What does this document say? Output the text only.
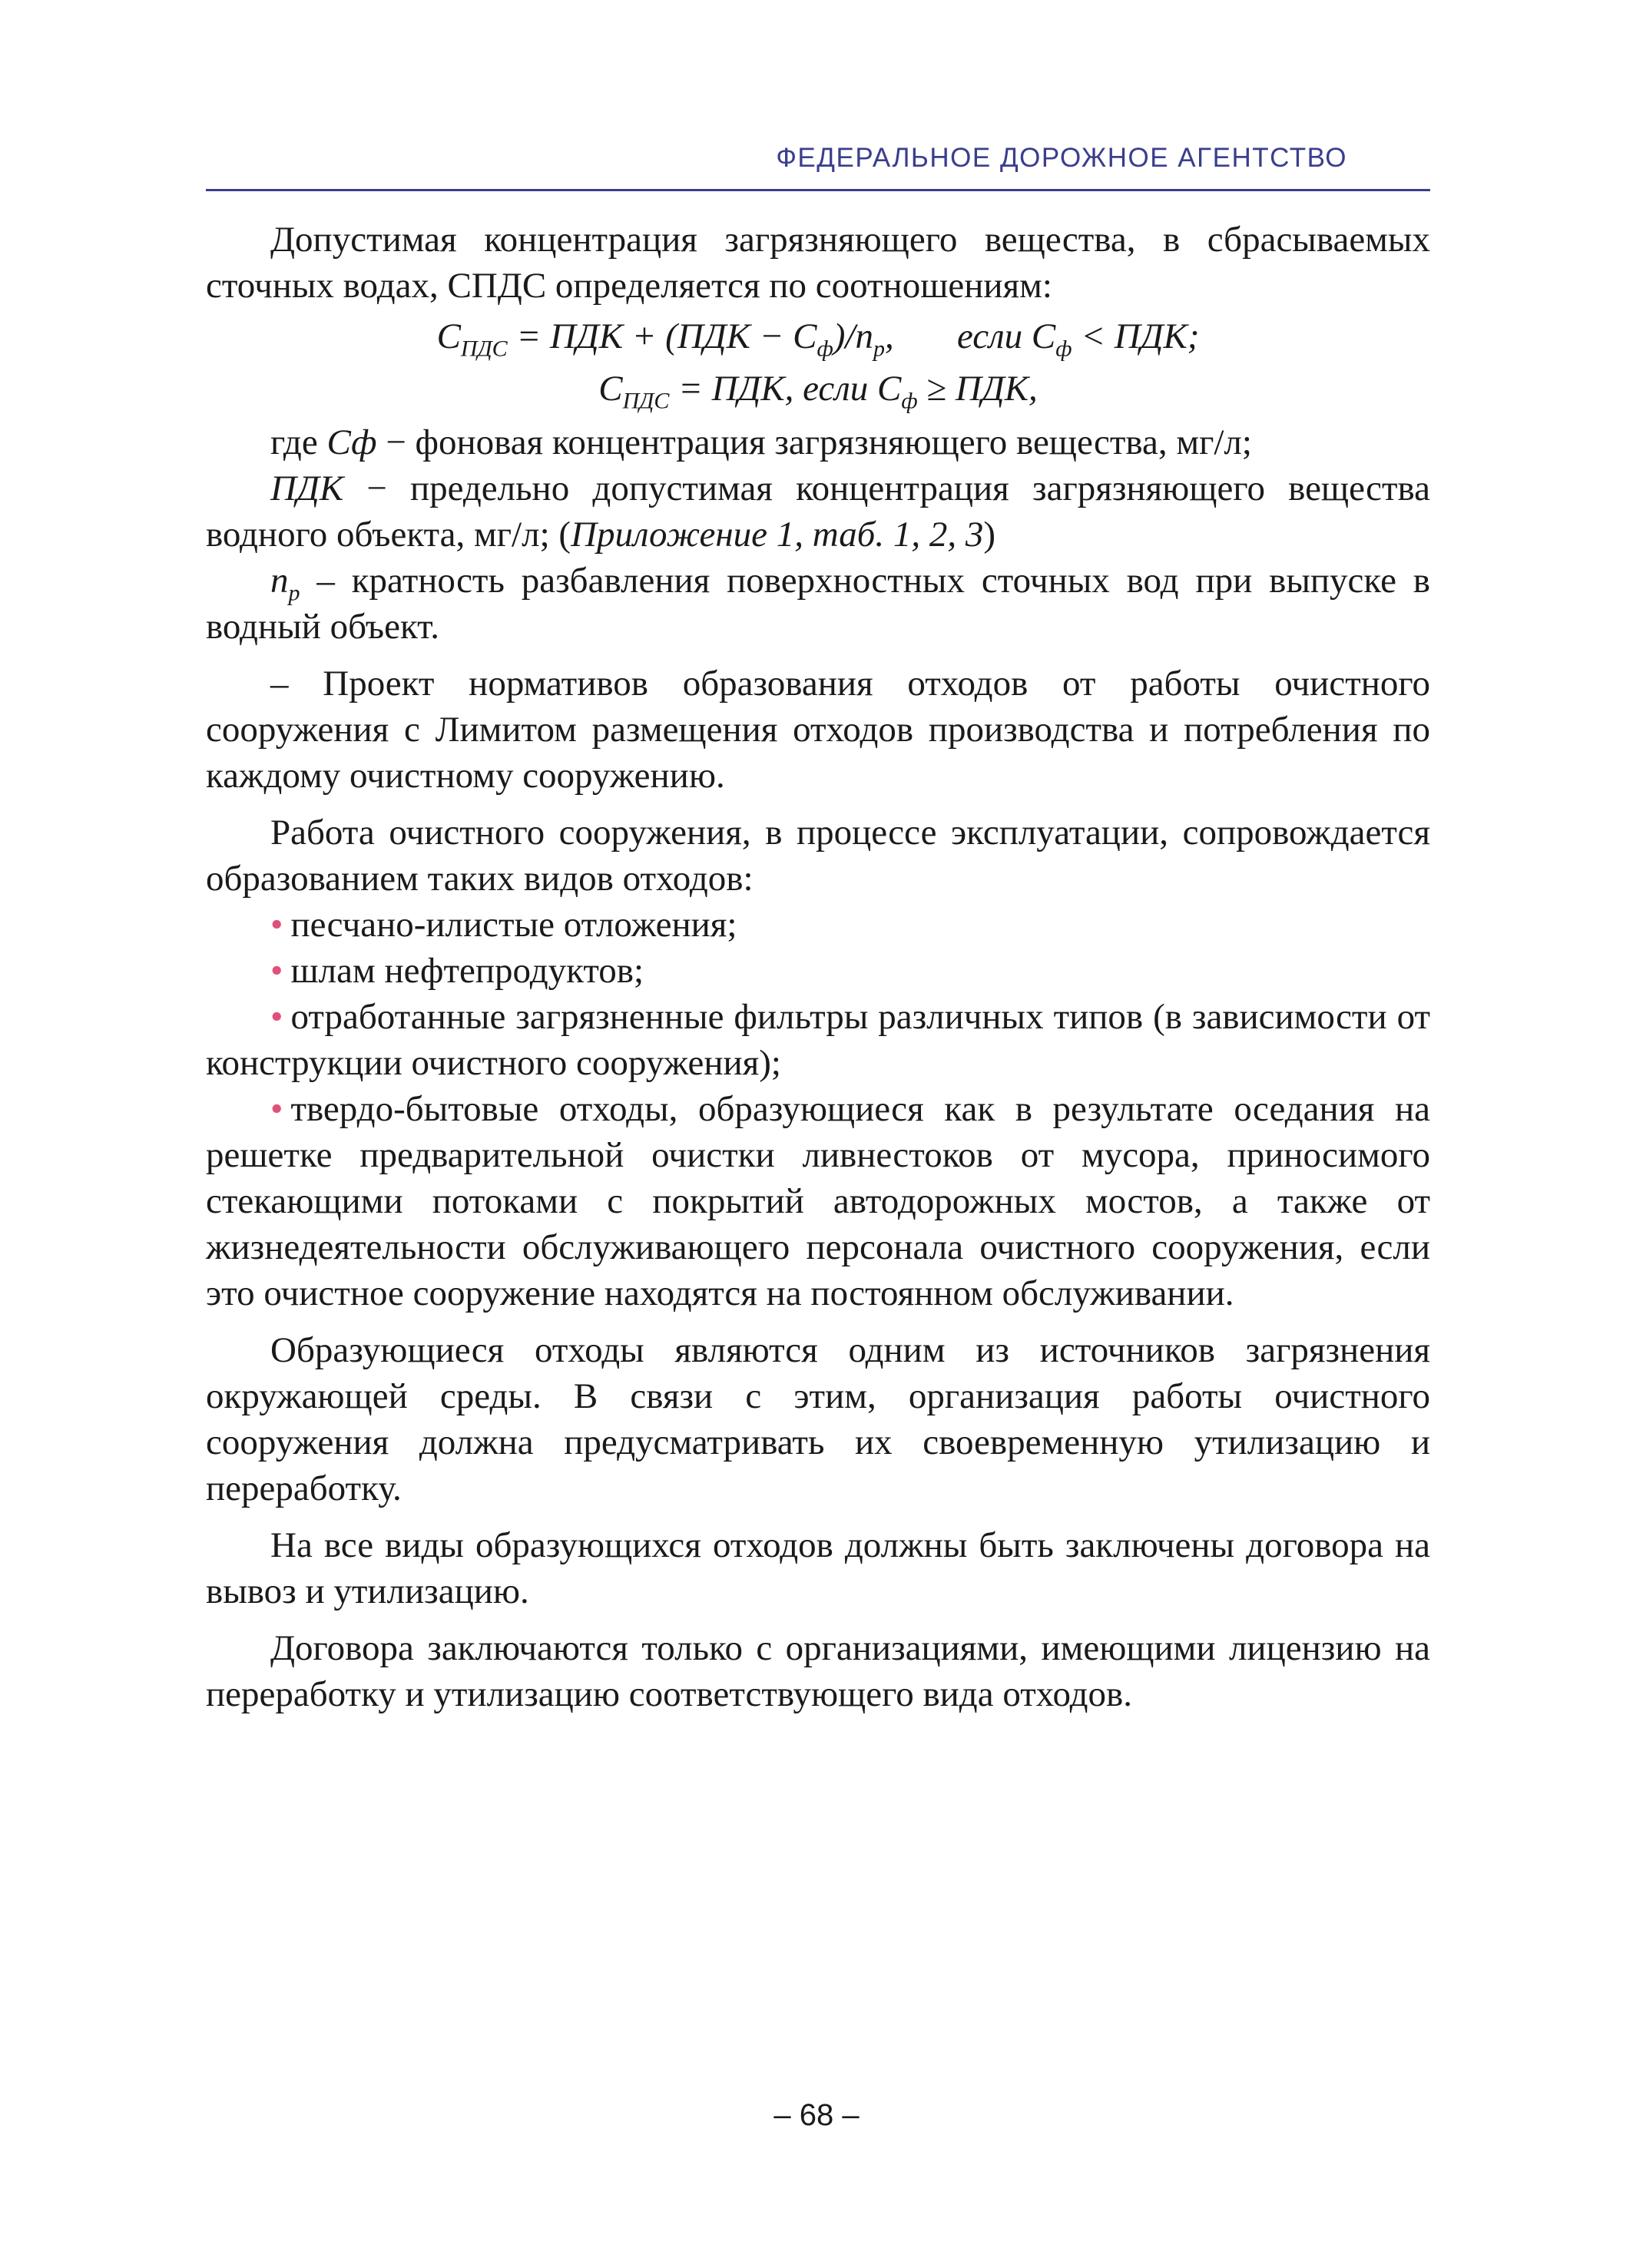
ФЕДЕРАЛЬНОЕ ДОРОЖНОЕ АГЕНТСТВО

Допустимая концентрация загрязняющего вещества, в сбрасываемых сточных водах, СПДС определяется по соотношениям:

$C_{ПДС}$ = ПДК + $(ПДК - C_ф)/n_p$,       если $C_ф$ < ПДК;
$C_{ПДС}$ = ПДК, если $C_ф$ ≥ ПДК,

где Сф − фоновая концентрация загрязняющего вещества, мг/л;

ПДК − предельно допустимая концентрация загрязняющего вещества водного объекта, мг/л; (Приложение 1, таб. 1, 2, 3)

$n_p$ – кратность разбавления поверхностных сточных вод при выпуске в водный объект.

– Проект нормативов образования отходов от работы очистного сооружения с Лимитом размещения отходов производства и потребления по каждому очистному сооружению.

Работа очистного сооружения, в процессе эксплуатации, сопровождается образованием таких видов отходов:

• песчано-илистые отложения;

• шлам нефтепродуктов;

• отработанные загрязненные фильтры различных типов (в зависимости от конструкции очистного сооружения);

• твердо-бытовые отходы, образующиеся как в результате оседания на решетке предварительной очистки ливнестоков от мусора, приносимого стекающими потоками с покрытий автодорожных мостов, а также от жизнедеятельности обслуживающего персонала очистного сооружения, если это очистное сооружение находятся на постоянном обслуживании.

Образующиеся отходы являются одним из источников загрязнения окружающей среды. В связи с этим, организация работы очистного сооружения должна предусматривать их своевременную утилизацию и переработку.

На все виды образующихся отходов должны быть заключены договора на вывоз и утилизацию.

Договора заключаются только с организациями, имеющими лицензию на переработку и утилизацию соответствующего вида отходов.

– 68 –
